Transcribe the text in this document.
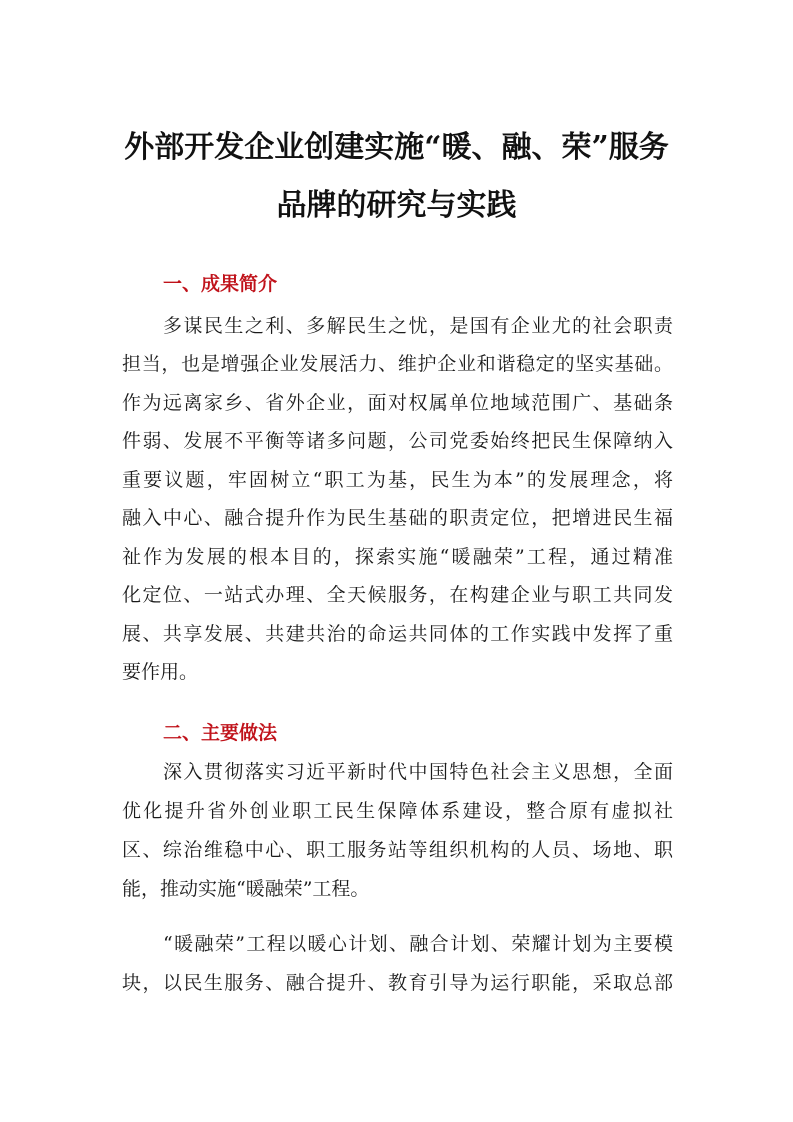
外部开发企业创建实施“暖、融、荣”服务
品牌的研究与实践
一、成果简介
多谋民生之利、多解民生之忧，是国有企业尤的社会职责
担当，也是增强企业发展活力、维护企业和谐稳定的坚实基础。
作为远离家乡、省外企业，面对权属单位地域范围广、基础条
件弱、发展不平衡等诸多问题，公司党委始终把民生保障纳入
重要议题，牢固树立“职工为基，民生为本”的发展理念，将
融入中心、融合提升作为民生基础的职责定位，把增进民生福
祉作为发展的根本目的，探索实施“暖融荣”工程，通过精准
化定位、一站式办理、全天候服务，在构建企业与职工共同发
展、共享发展、共建共治的命运共同体的工作实践中发挥了重
要作用。
二、主要做法
深入贯彻落实习近平新时代中国特色社会主义思想，全面
优化提升省外创业职工民生保障体系建设，整合原有虚拟社
区、综治维稳中心、职工服务站等组织机构的人员、场地、职
能，推动实施“暖融荣”工程。
“暖融荣”工程以暖心计划、融合计划、荣耀计划为主要模
块，以民生服务、融合提升、教育引导为运行职能，采取总部
